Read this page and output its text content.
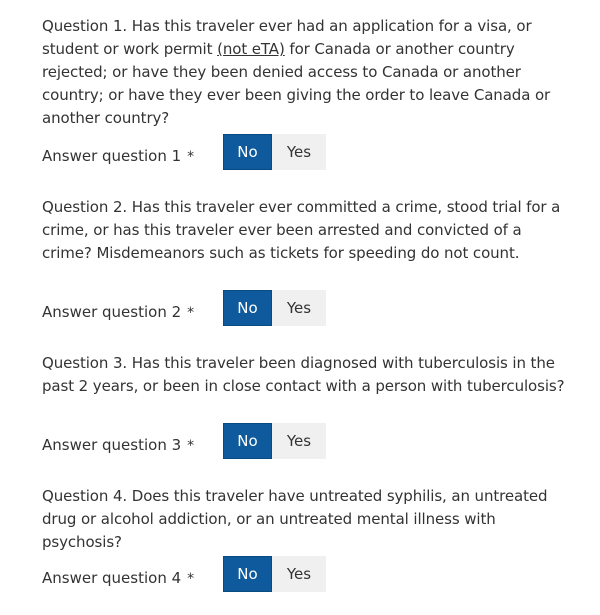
Question 1. Has this traveler ever had an application for a visa, or student or work permit (not eTA) for Canada or another country rejected; or have they been denied access to Canada or another country; or have they ever been giving the order to leave Canada or another country?

Answer question 1 *	No	Yes

Question 2. Has this traveler ever committed a crime, stood trial for a crime, or has this traveler ever been arrested and convicted of a crime? Misdemeanors such as tickets for speeding do not count.

Answer question 2 *	No	Yes

Question 3. Has this traveler been diagnosed with tuberculosis in the past 2 years, or been in close contact with a person with tuberculosis?

Answer question 3 *	No	Yes

Question 4. Does this traveler have untreated syphilis, an untreated drug or alcohol addiction, or an untreated mental illness with psychosis?

Answer question 4 *	No	Yes
